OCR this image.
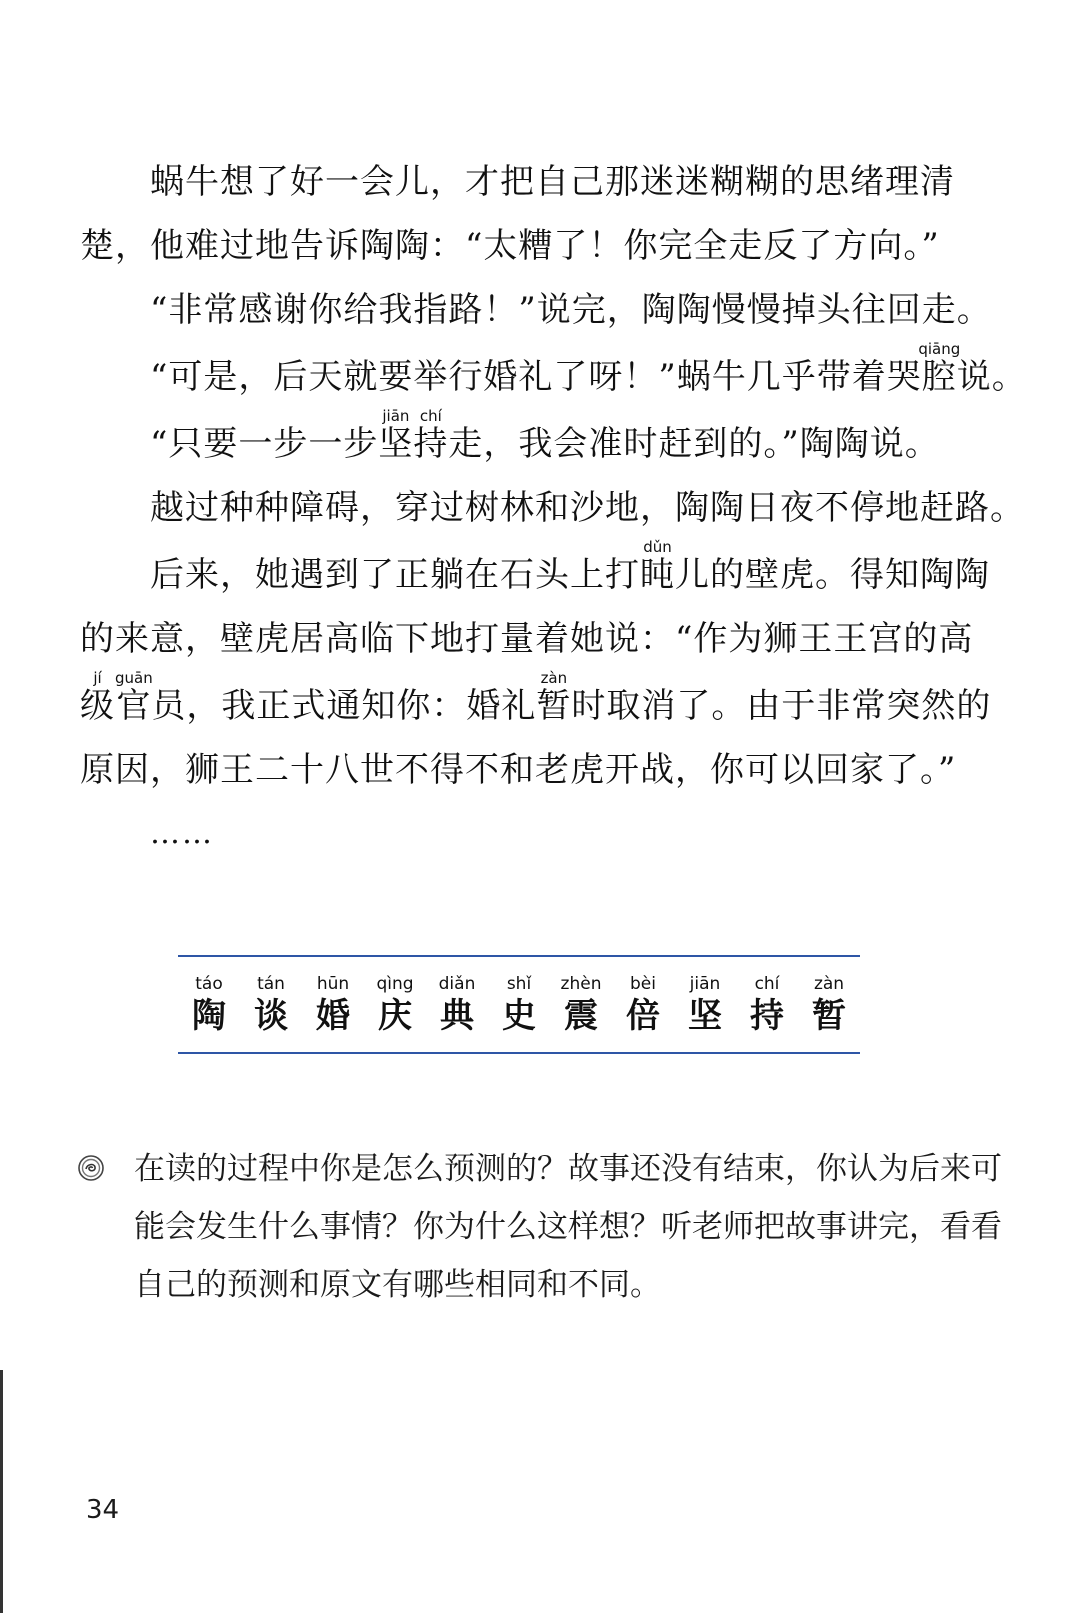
蜗牛想了好一会儿，才把自己那迷迷糊糊的思绪理清
楚，他难过地告诉陶陶：“太糟了！你完全走反了方向。”
“非常感谢你给我指路！”说完，陶陶慢慢掉头往回走。
“可是，后天就要举行婚礼了呀！”蜗牛几乎带着哭腔qiāng说。
“只要一步一步坚jiān持chí走，我会准时赶到的。”陶陶说。
越过种种障碍，穿过树林和沙地，陶陶日夜不停地赶路。
后来，她遇到了正躺在石头上打盹dǔn儿的壁虎。得知陶陶
的来意，壁虎居高临下地打量着她说：“作为狮王王宫的高
级jí官guān员，我正式通知你：婚礼暂zàn时取消了。由于非常突然的
原因，狮王二十八世不得不和老虎开战，你可以回家了。”
……
táo
陶
tán
谈
hūn
婚
qìng
庆
diǎn
典
shǐ
史
zhèn
震
bèi
倍
jiān
坚
chí
持
zàn
暂
在读的过程中你是怎么预测的？故事还没有结束，你认为后来可
能会发生什么事情？你为什么这样想？听老师把故事讲完，看看
自己的预测和原文有哪些相同和不同。
34
